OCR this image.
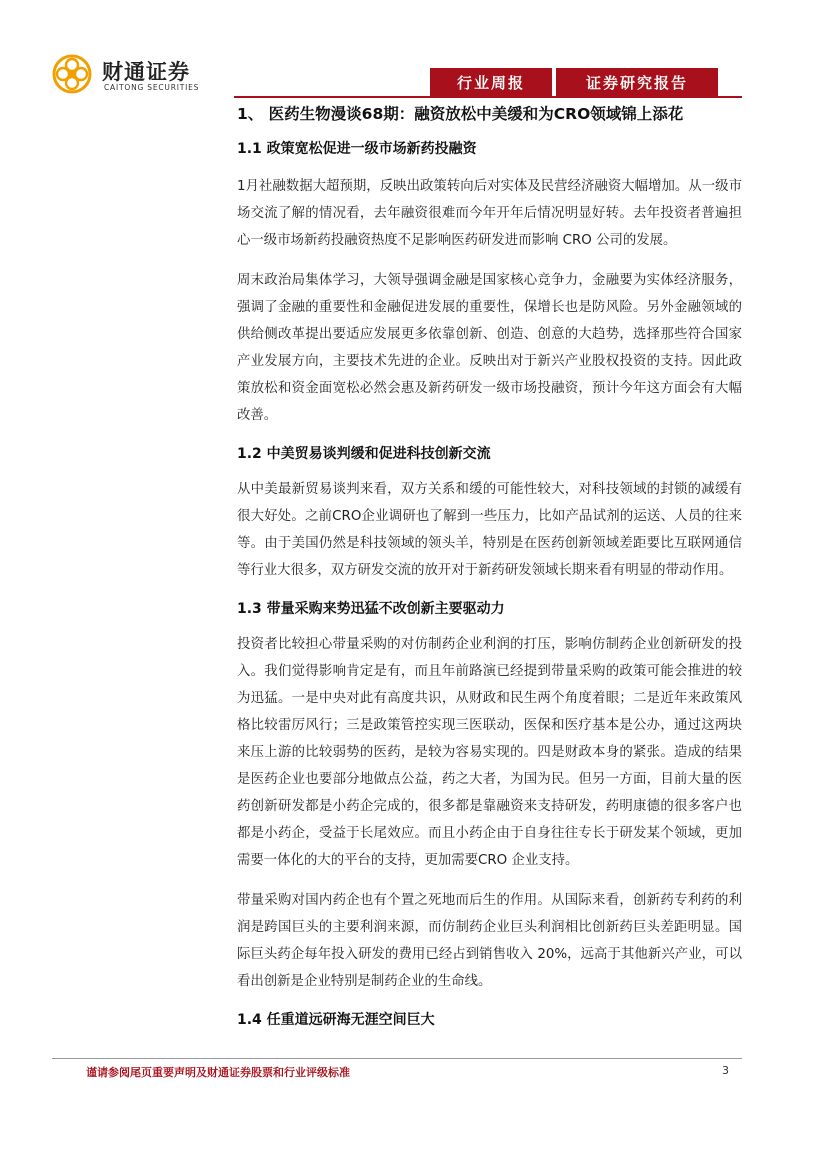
财通证券
CAITONG SECURITIES	行业周报	证券研究报告
1、 医药生物漫谈68期：融资放松中美缓和为CRO领域锦上添花
1.1 政策宽松促进一级市场新药投融资

1月社融数据大超预期，反映出政策转向后对实体及民营经济融资大幅增加。从一级市场交流了解的情况看，去年融资很难而今年开年后情况明显好转。去年投资者普遍担心一级市场新药投融资热度不足影响医药研发进而影响 CRO 公司的发展。

周末政治局集体学习，大领导强调金融是国家核心竞争力，金融要为实体经济服务，强调了金融的重要性和金融促进发展的重要性，保增长也是防风险。另外金融领域的供给侧改革提出要适应发展更多依靠创新、创造、创意的大趋势，选择那些符合国家产业发展方向，主要技术先进的企业。反映出对于新兴产业股权投资的支持。因此政策放松和资金面宽松必然会惠及新药研发一级市场投融资，预计今年这方面会有大幅改善。

1.2 中美贸易谈判缓和促进科技创新交流

从中美最新贸易谈判来看，双方关系和缓的可能性较大，对科技领域的封锁的减缓有很大好处。之前CRO企业调研也了解到一些压力，比如产品试剂的运送、人员的往来等。由于美国仍然是科技领域的领头羊，特别是在医药创新领域差距要比互联网通信等行业大很多，双方研发交流的放开对于新药研发领域长期来看有明显的带动作用。

1.3 带量采购来势迅猛不改创新主要驱动力

投资者比较担心带量采购的对仿制药企业利润的打压，影响仿制药企业创新研发的投入。我们觉得影响肯定是有，而且年前路演已经提到带量采购的政策可能会推进的较为迅猛。一是中央对此有高度共识，从财政和民生两个角度着眼；二是近年来政策风格比较雷厉风行；三是政策管控实现三医联动，医保和医疗基本是公办，通过这两块来压上游的比较弱势的医药，是较为容易实现的。四是财政本身的紧张。造成的结果是医药企业也要部分地做点公益，药之大者，为国为民。但另一方面，目前大量的医药创新研发都是小药企完成的，很多都是靠融资来支持研发，药明康德的很多客户也都是小药企，受益于长尾效应。而且小药企由于自身往往专长于研发某个领域，更加需要一体化的大的平台的支持，更加需要CRO 企业支持。

带量采购对国内药企也有个置之死地而后生的作用。从国际来看，创新药专利药的利润是跨国巨头的主要利润来源，而仿制药企业巨头利润相比创新药巨头差距明显。国际巨头药企每年投入研发的费用已经占到销售收入 20%，远高于其他新兴产业，可以看出创新是企业特别是制药企业的生命线。

1.4 任重道远研海无涯空间巨大
谨请参阅尾页重要声明及财通证券股票和行业评级标准	3
